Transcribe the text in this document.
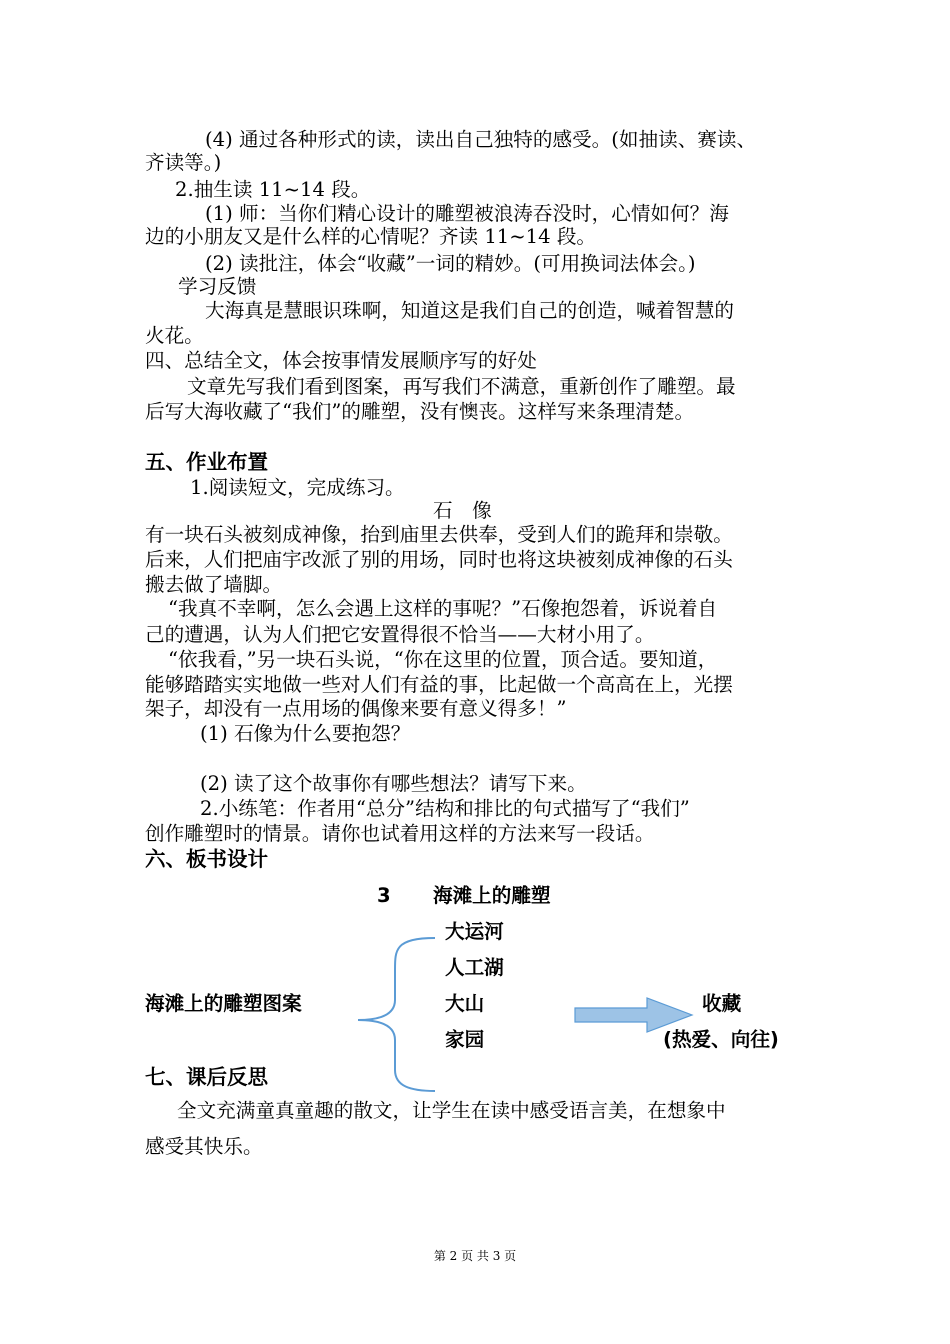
(4) 通过各种形式的读，读出自己独特的感受。(如抽读、赛读、
齐读等。)
2.抽生读 11~14 段。
(1) 师：当你们精心设计的雕塑被浪涛吞没时，心情如何？海
边的小朋友又是什么样的心情呢？齐读 11~14 段。
(2) 读批注，体会“收藏”一词的精妙。(可用换词法体会。)
学习反馈
大海真是慧眼识珠啊，知道这是我们自己的创造，喊着智慧的
火花。
四、总结全文，体会按事情发展顺序写的好处
文章先写我们看到图案，再写我们不满意，重新创作了雕塑。最
后写大海收藏了“我们”的雕塑，没有懊丧。这样写来条理清楚。
五、作业布置
1.阅读短文，完成练习。
石　像
有一块石头被刻成神像，抬到庙里去供奉，受到人们的跪拜和崇敬。
后来，人们把庙宇改派了别的用场，同时也将这块被刻成神像的石头
搬去做了墙脚。
“我真不幸啊，怎么会遇上这样的事呢？”石像抱怨着，诉说着自
己的遭遇，认为人们把它安置得很不恰当——大材小用了。
“依我看，”另一块石头说，“你在这里的位置，顶合适。要知道，
能够踏踏实实地做一些对人们有益的事，比起做一个高高在上，光摆
架子，却没有一点用场的偶像来要有意义得多！”
(1) 石像为什么要抱怨？
(2) 读了这个故事你有哪些想法？请写下来。
2.小练笔：作者用“总分”结构和排比的句式描写了“我们”
创作雕塑时的情景。请你也试着用这样的方法来写一段话。
六、板书设计
3 海滩上的雕塑
大运河
人工湖
大山
家园
海滩上的雕塑图案	收藏
(热爱、向往)
七、课后反思
全文充满童真童趣的散文，让学生在读中感受语言美，在想象中
感受其快乐。
第 2 页 共 3 页
